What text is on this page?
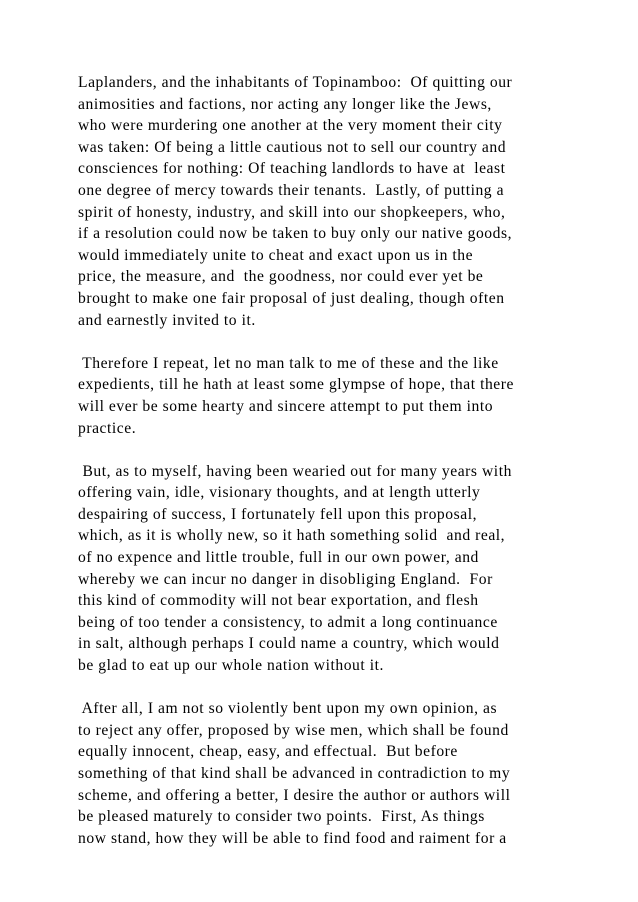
Laplanders, and the inhabitants of Topinamboo:  Of quitting our
animosities and factions, nor acting any longer like the Jews,
who were murdering one another at the very moment their city
was taken: Of being a little cautious not to sell our country and
consciences for nothing: Of teaching landlords to have at  least
one degree of mercy towards their tenants.  Lastly, of putting a
spirit of honesty, industry, and skill into our shopkeepers, who,
if a resolution could now be taken to buy only our native goods,
would immediately unite to cheat and exact upon us in the
price, the measure, and  the goodness, nor could ever yet be
brought to make one fair proposal of just dealing, though often
and earnestly invited to it.
Therefore I repeat, let no man talk to me of these and the like
expedients, till he hath at least some glympse of hope, that there
will ever be some hearty and sincere attempt to put them into
practice.
But, as to myself, having been wearied out for many years with
offering vain, idle, visionary thoughts, and at length utterly
despairing of success, I fortunately fell upon this proposal,
which, as it is wholly new, so it hath something solid  and real,
of no expence and little trouble, full in our own power, and
whereby we can incur no danger in disobliging England.  For
this kind of commodity will not bear exportation, and flesh
being of too tender a consistency, to admit a long continuance
in salt, although perhaps I could name a country, which would
be glad to eat up our whole nation without it.
After all, I am not so violently bent upon my own opinion, as
to reject any offer, proposed by wise men, which shall be found
equally innocent, cheap, easy, and effectual.  But before
something of that kind shall be advanced in contradiction to my
scheme, and offering a better, I desire the author or authors will
be pleased maturely to consider two points.  First, As things
now stand, how they will be able to find food and raiment for a
